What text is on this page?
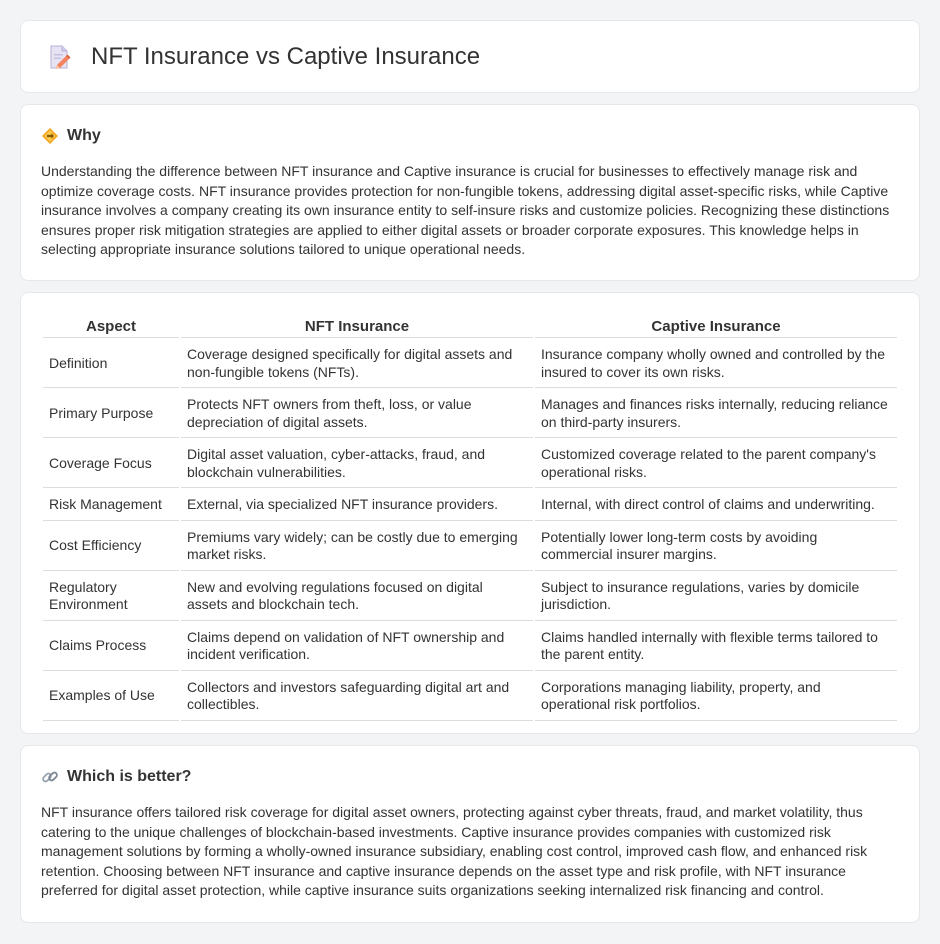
NFT Insurance vs Captive Insurance
Why

Understanding the difference between NFT insurance and Captive insurance is crucial for businesses to effectively manage risk and optimize coverage costs. NFT insurance provides protection for non-fungible tokens, addressing digital asset-specific risks, while Captive insurance involves a company creating its own insurance entity to self-insure risks and customize policies. Recognizing these distinctions ensures proper risk mitigation strategies are applied to either digital assets or broader corporate exposures. This knowledge helps in selecting appropriate insurance solutions tailored to unique operational needs.

Aspect	NFT Insurance	Captive Insurance
Definition	Coverage designed specifically for digital assets and non-fungible tokens (NFTs).	Insurance company wholly owned and controlled by the insured to cover its own risks.
Primary Purpose	Protects NFT owners from theft, loss, or value depreciation of digital assets.	Manages and finances risks internally, reducing reliance on third-party insurers.
Coverage Focus	Digital asset valuation, cyber-attacks, fraud, and blockchain vulnerabilities.	Customized coverage related to the parent company's operational risks.
Risk Management	External, via specialized NFT insurance providers.	Internal, with direct control of claims and underwriting.
Cost Efficiency	Premiums vary widely; can be costly due to emerging market risks.	Potentially lower long-term costs by avoiding commercial insurer margins.
Regulatory Environment	New and evolving regulations focused on digital assets and blockchain tech.	Subject to insurance regulations, varies by domicile jurisdiction.
Claims Process	Claims depend on validation of NFT ownership and incident verification.	Claims handled internally with flexible terms tailored to the parent entity.
Examples of Use	Collectors and investors safeguarding digital art and collectibles.	Corporations managing liability, property, and operational risk portfolios.
Which is better?

NFT insurance offers tailored risk coverage for digital asset owners, protecting against cyber threats, fraud, and market volatility, thus catering to the unique challenges of blockchain-based investments. Captive insurance provides companies with customized risk management solutions by forming a wholly-owned insurance subsidiary, enabling cost control, improved cash flow, and enhanced risk retention. Choosing between NFT insurance and captive insurance depends on the asset type and risk profile, with NFT insurance preferred for digital asset protection, while captive insurance suits organizations seeking internalized risk financing and control.
